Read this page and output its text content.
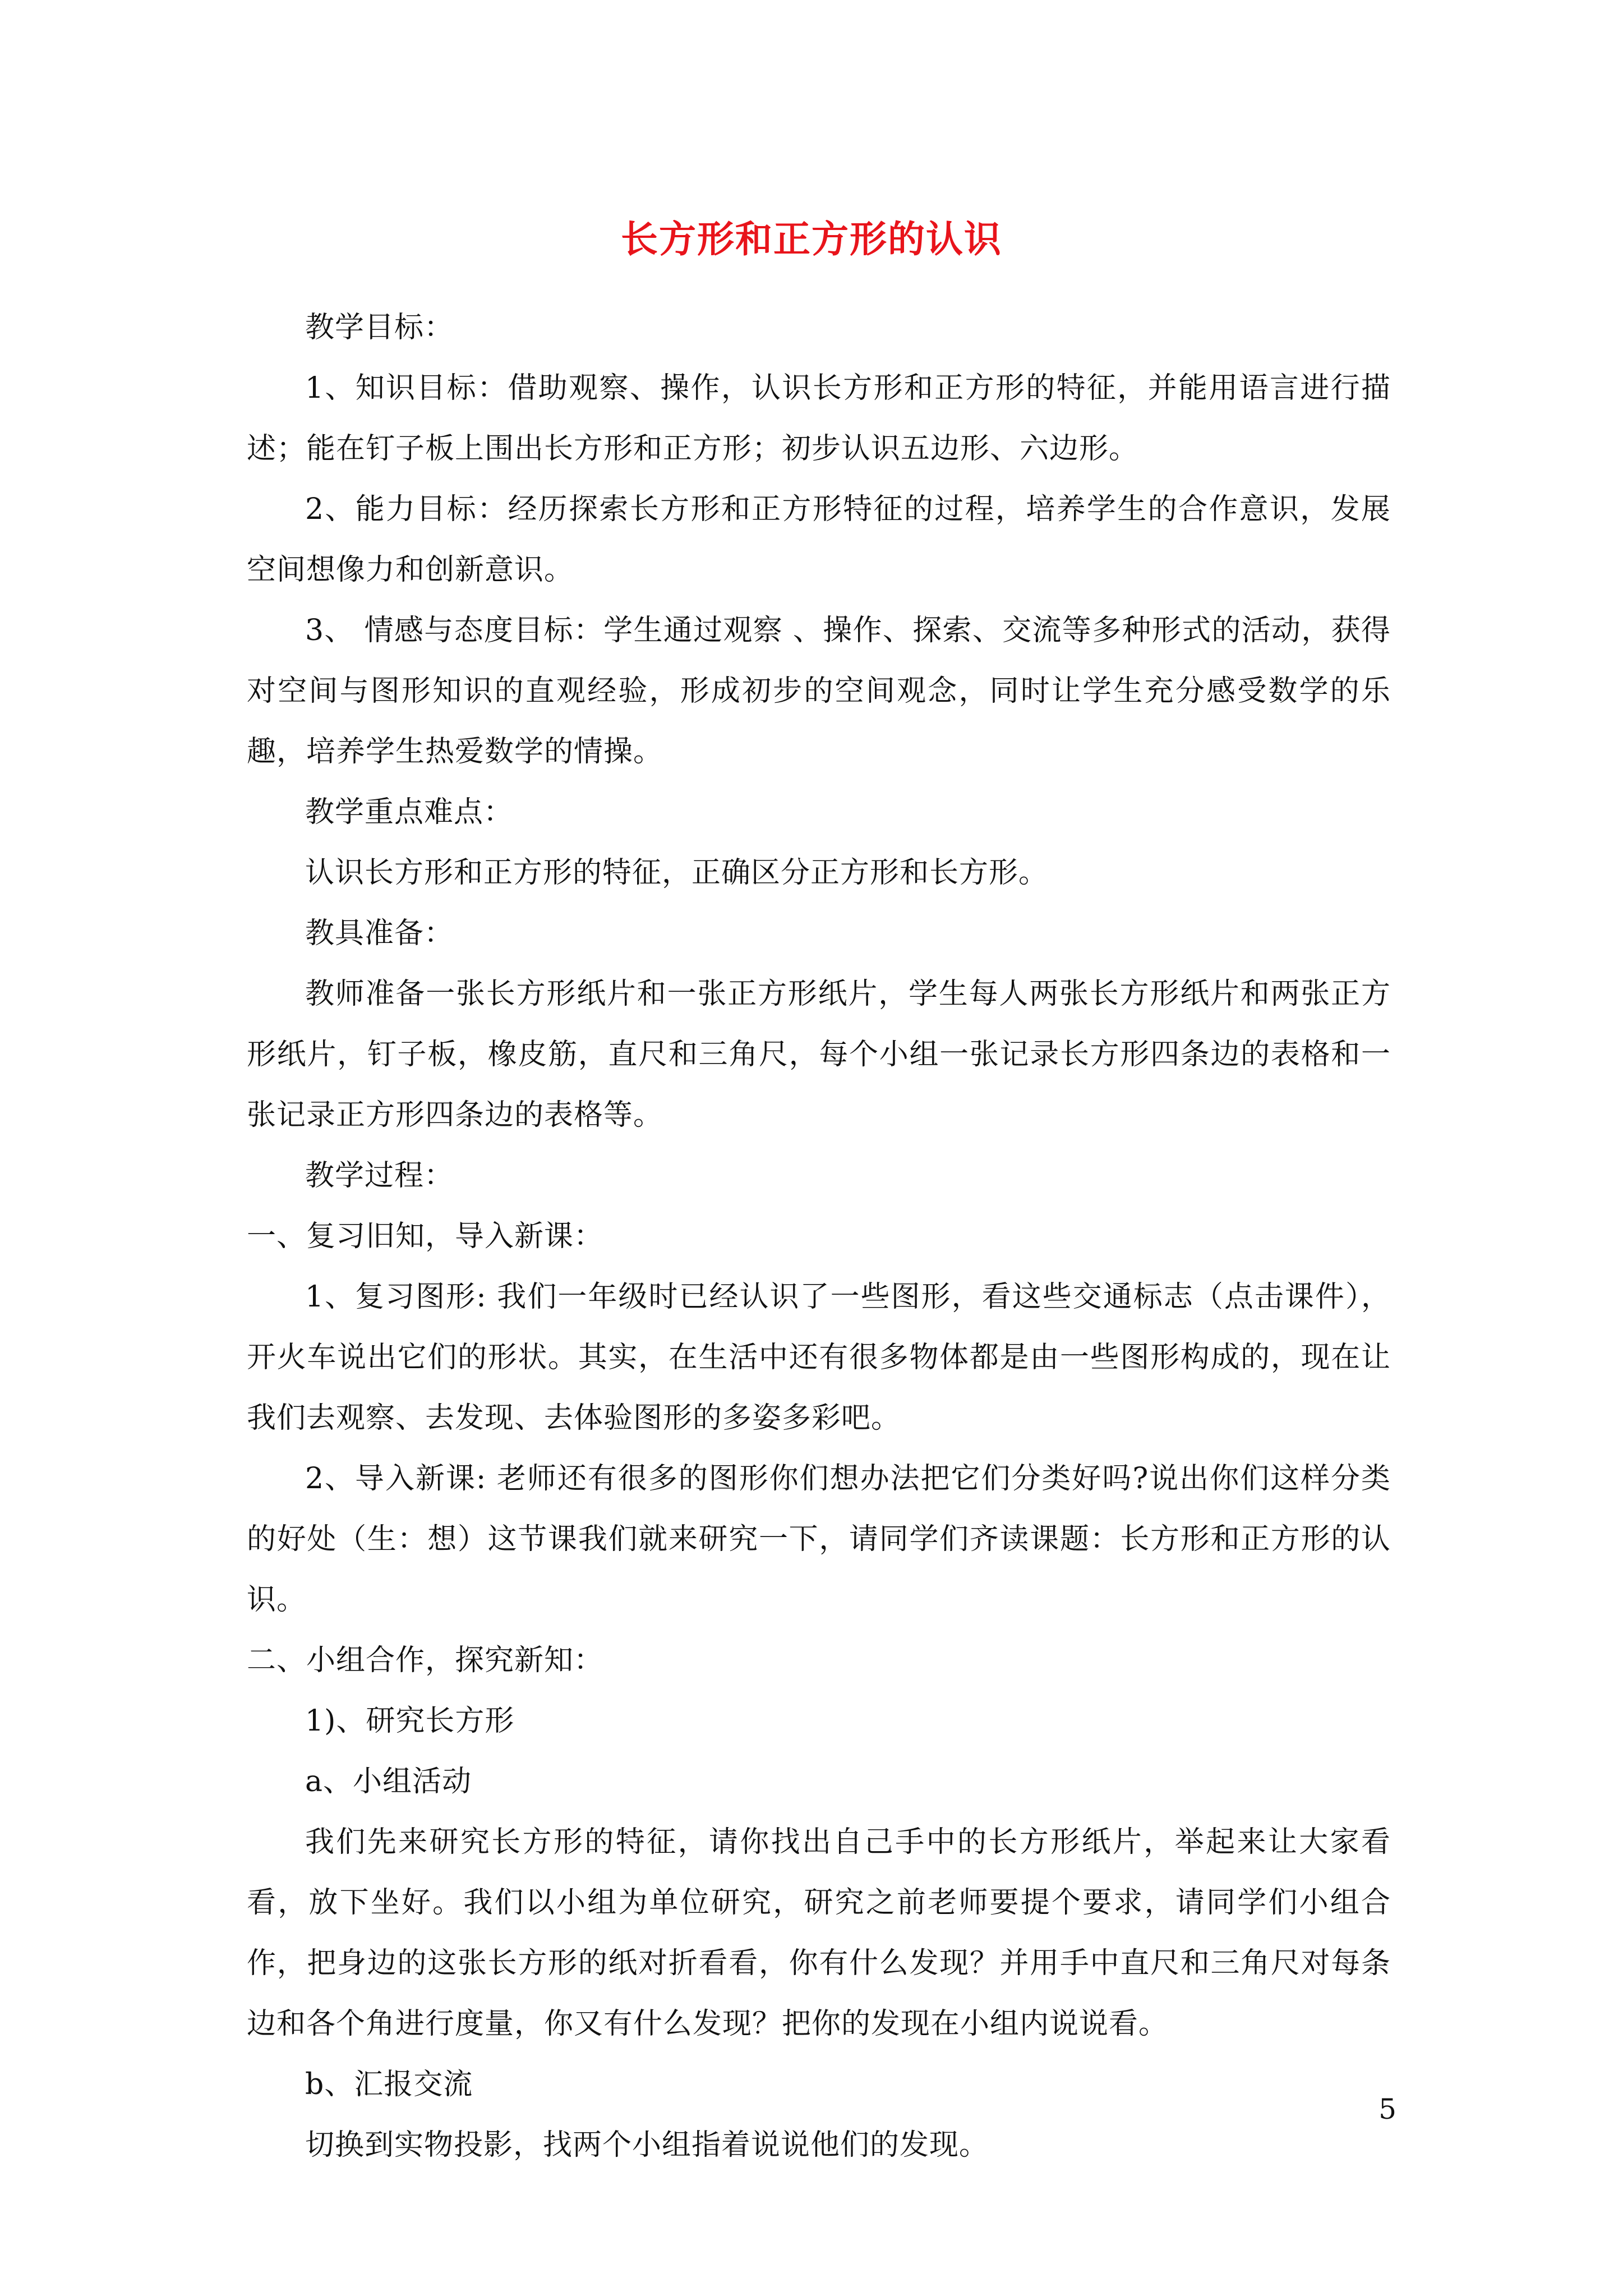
长方形和正方形的认识

教学目标：

1、知识目标：借助观察、操作，认识长方形和正方形的特征，并能用语言进行描述；能在钉子板上围出长方形和正方形；初步认识五边形、六边形。

2、能力目标：经历探索长方形和正方形特征的过程，培养学生的合作意识，发展空间想像力和创新意识。

3、 情感与态度目标：学生通过观察 、操作、探索、交流等多种形式的活动，获得对空间与图形知识的直观经验，形成初步的空间观念，同时让学生充分感受数学的乐趣，培养学生热爱数学的情操。

教学重点难点：

认识长方形和正方形的特征，正确区分正方形和长方形。

教具准备：

教师准备一张长方形纸片和一张正方形纸片，学生每人两张长方形纸片和两张正方形纸片，钉子板，橡皮筋，直尺和三角尺，每个小组一张记录长方形四条边的表格和一张记录正方形四条边的表格等。

教学过程：

一、复习旧知，导入新课：

1、复习图形: 我们一年级时已经认识了一些图形，看这些交通标志（点击课件），开火车说出它们的形状。其实，在生活中还有很多物体都是由一些图形构成的，现在让我们去观察、去发现、去体验图形的多姿多彩吧。

2、导入新课: 老师还有很多的图形你们想办法把它们分类好吗?说出你们这样分类的好处（生：想）这节课我们就来研究一下，请同学们齐读课题：长方形和正方形的认识。

二、小组合作，探究新知：

1)、研究长方形

a、小组活动

我们先来研究长方形的特征，请你找出自己手中的长方形纸片，举起来让大家看看，放下坐好。我们以小组为单位研究，研究之前老师要提个要求，请同学们小组合作，把身边的这张长方形的纸对折看看，你有什么发现？并用手中直尺和三角尺对每条边和各个角进行度量，你又有什么发现？把你的发现在小组内说说看。

b、汇报交流

切换到实物投影，找两个小组指着说说他们的发现。

5
